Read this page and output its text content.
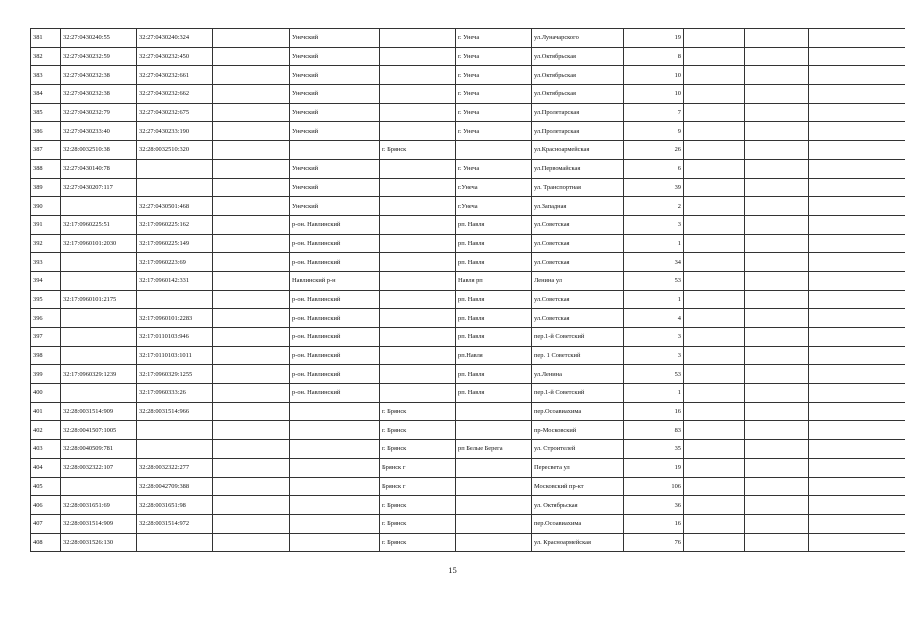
381	32:27:0430240:55	32:27:0430240:324		Унечский		г. Унеча	ул.Луначарского	19			
382	32:27:0430232:59	32:27:0430232:450		Унечский		г. Унеча	ул.Октябрьская	8			
383	32:27:0430232:38	32:27:0430232:661		Унечский		г. Унеча	ул.Октябрьская	10			
384	32:27:0430232:38	32:27:0430232:662		Унечский		г. Унеча	ул.Октябрьская	10			
385	32:27:0430232:79	32:27:0430232:675		Унечский		г. Унеча	ул.Пролетарская	7			
386	32:27:0430233:40	32:27:0430233:190		Унечский		г. Унеча	ул.Пролетарская	9			
387	32:28:0032510:38	32:28:0032510:320			г. Брянск		ул.Красноармейская	26			
388	32:27:0430140:78			Унечский		г. Унеча	ул.Первомайская	6			
389	32:27:0430207:117			Унечский		г.Унеча	ул. Транспортная	39			
390		32:27:0430501:468		Унечский		г.Унеча	ул.Западная	2			
391	32:17:0960225:51	32:17:0960225:162		р-он. Навлинский		рп. Навля	ул.Советская	3			
392	32:17:0960101:2030	32:17:0960225:149		р-он. Навлинский		рп. Навля	ул.Советская	1			
393		32:17:0960223:69		р-он. Навлинский		рп. Навля	ул.Советская	34			
394		32:17:0960142:331		Навлинский р-н		Навля рп	Ленина ул	53			
395	32:17:0960101:2175			р-он. Навлинский		рп. Навля	ул.Советская	1			
396		32:17:0960101:2283		р-он. Навлинский		рп. Навля	ул.Советская	4			
397		32:17:0110103:946		р-он. Навлинский		рп. Навля	пер.1-й Советский	3			
398		32:17:0110103:1011		р-он. Навлинский		рп.Навля	пер. 1 Советский	3			
399	32:17:0960329:1239	32:17:0960329:1255		р-он. Навлинский		рп. Навля	ул.Ленина	53			
400		32:17:0960333:26		р-он. Навлинский		рп. Навля	пер.1-й Советский	1			
401	32:28:0031514:909	32:28:0031514:966			г. Брянск		пер.Осоавиахима	16			
402	32:28:0041507:1005				г. Брянск		пр-Московский	83			
403	32:28:0040509:781				г. Брянск	рп Белые Берега	ул. Строителей	35			
404	32:28:0032322:107	32:28:0032322:277			Брянск г		Пересвета ул	19			
405		32:28:0042709:388			Брянск г		Московский пр-кт	106			
406	32:28:0031651:69	32:28:0031651:98			г. Брянск		ул. Октябрьская	36			
407	32:28:0031514:909	32:28:0031514:972			г. Брянск		пер.Осоавиахима	16			
408	32:28:0031526:130				г. Брянск		ул. Красноармейская	76			
15
